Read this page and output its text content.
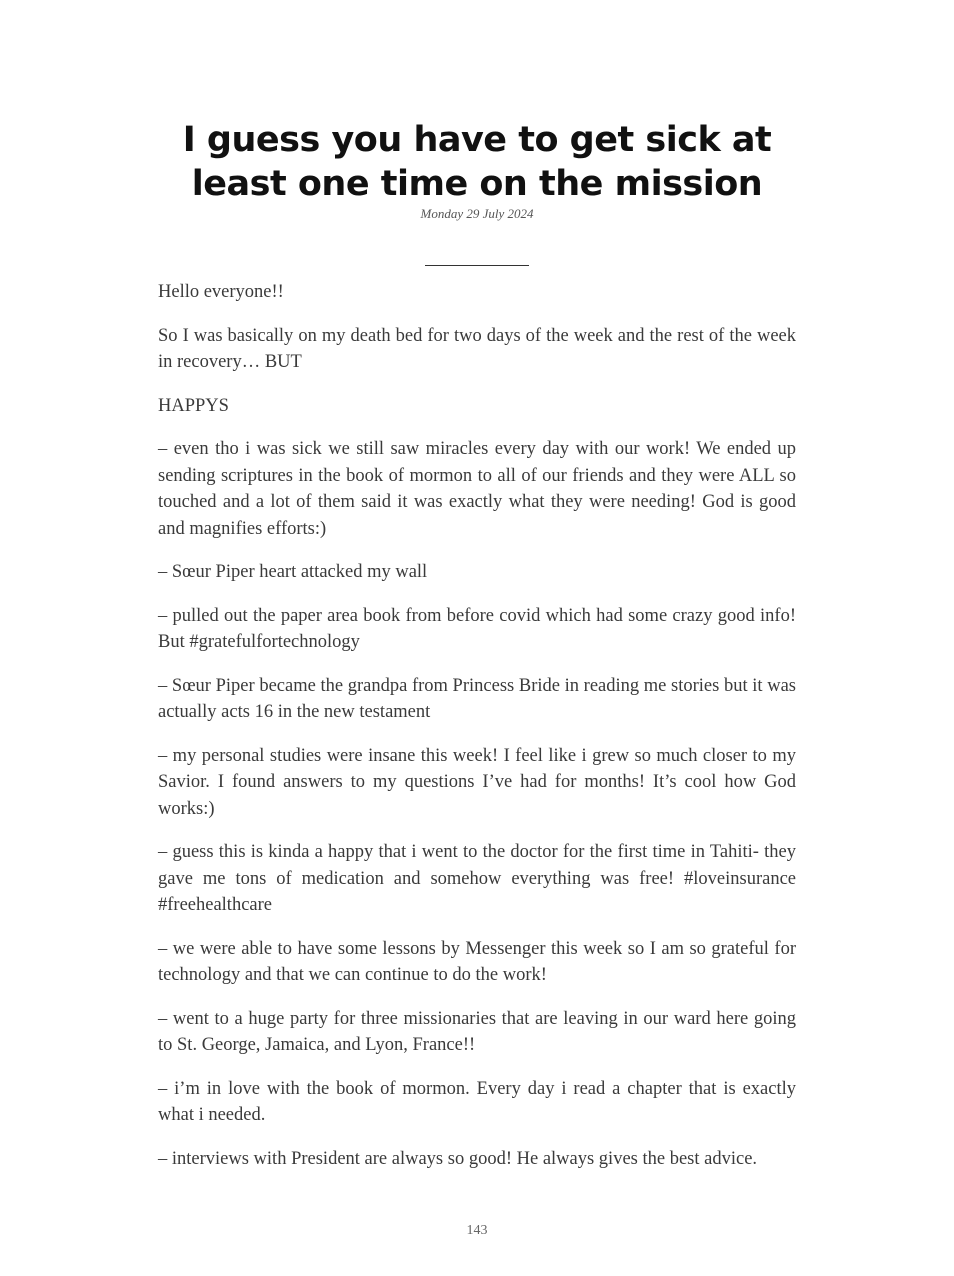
I guess you have to get sick at least one time on the mission

Monday 29 July 2024

Hello everyone!!

So I was basically on my death bed for two days of the week and the rest of the week in recovery… BUT

HAPPYS

– even tho i was sick we still saw miracles every day with our work! We ended up sending scriptures in the book of mormon to all of our friends and they were ALL so touched and a lot of them said it was exactly what they were needing! God is good and magnifies efforts:)

– Sœur Piper heart attacked my wall

– pulled out the paper area book from before covid which had some crazy good info! But #gratefulfortechnology

– Sœur Piper became the grandpa from Princess Bride in reading me stories but it was actually acts 16 in the new testament

– my personal studies were insane this week! I feel like i grew so much closer to my Savior. I found answers to my questions I’ve had for months! It’s cool how God works:)

– guess this is kinda a happy that i went to the doctor for the first time in Tahiti- they gave me tons of medication and somehow everything was free! #loveinsurance #freehealthcare

– we were able to have some lessons by Messenger this week so I am so grateful for technology and that we can continue to do the work!

– went to a huge party for three missionaries that are leaving in our ward here going to St. George, Jamaica, and Lyon, France!!

– i’m in love with the book of mormon. Every day i read a chapter that is exactly what i needed.

– interviews with President are always so good! He always gives the best advice.

143
